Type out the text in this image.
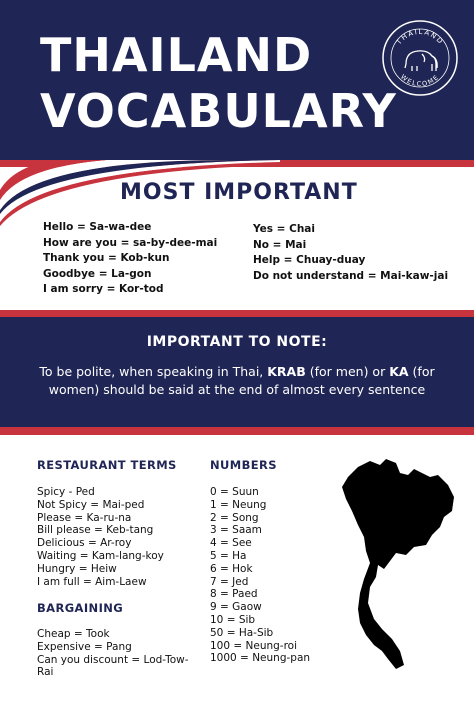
THAILAND
VOCABULARY
THAILAND
WELCOME
MOST IMPORTANT
Hello = Sa-wa-dee
How are you = sa-by-dee-mai
Thank you = Kob-kun
Goodbye = La-gon
I am sorry = Kor-tod
Yes = Chai
No = Mai
Help = Chuay-duay
Do not understand = Mai-kaw-jai
IMPORTANT TO NOTE:
To be polite, when speaking in Thai, KRAB (for men) or KA (for women) should be said at the end of almost every sentence
RESTAURANT TERMS
Spicy - Ped
Not Spicy = Mai-ped
Please = Ka-ru-na
Bill please = Keb-tang
Delicious = Ar-roy
Waiting = Kam-lang-koy
Hungry = Heiw
I am full = Aim-Laew
BARGAINING
Cheap = Took
Expensive = Pang
Can you discount = Lod-Tow-
Rai
NUMBERS
0 = Suun
1 = Neung
2 = Song
3 = Saam
4 = See
5 = Ha
6 = Hok
7 = Jed
8 = Paed
9 = Gaow
10 = Sib
50 = Ha-Sib
100 = Neung-roi
1000 = Neung-pan
